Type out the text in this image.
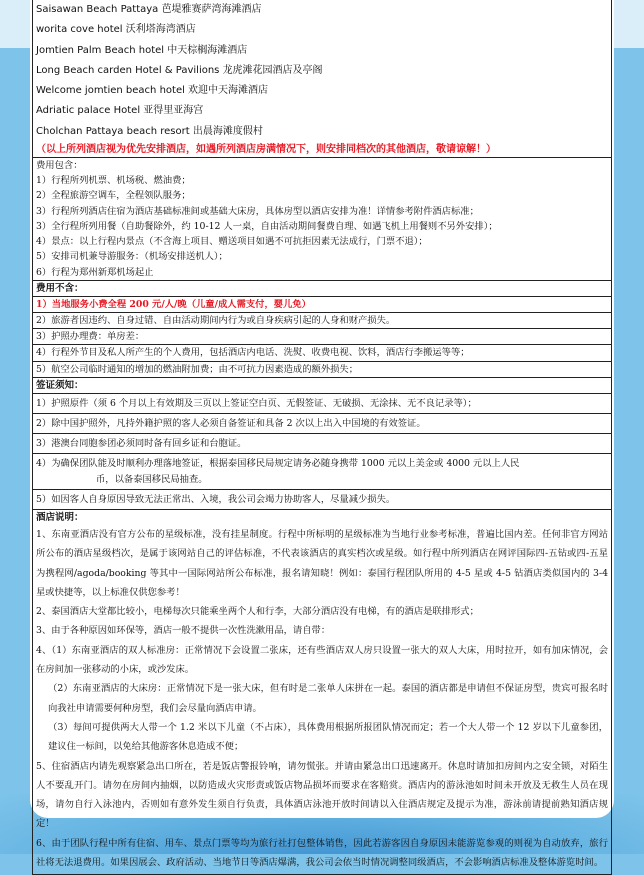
Saisawan Beach Pattaya 芭堤雅赛萨湾海滩酒店
worita cove hotel 沃利塔海湾酒店
Jomtien Palm Beach hotel 中天棕榈海滩酒店
Long Beach carden Hotel & Pavilions 龙虎滩花园酒店及亭阁
Welcome jomtien beach hotel 欢迎中天海滩酒店
Adriatic palace Hotel 亚得里亚海宫
Cholchan Pattaya beach resort 出晨海滩度假村
（以上所列酒店视为优先安排酒店，如遇所列酒店房满情况下，则安排同档次的其他酒店，敬请谅解！）

费用包含：
1）行程所列机票、机场税、燃油费；
2）全程旅游空调车，全程领队服务；
3）行程所列酒店住宿为酒店基础标准间或基础大床房，具体房型以酒店安排为准！详情参考附件酒店标准；
3）全行程所列用餐（自助餐除外，约 10-12 人一桌，自由活动期间餐费自理、如遇飞机上用餐则不另外安排）；
4）景点：以上行程内景点（不含海上项目、赠送项目如遇不可抗拒因素无法成行，门票不退）；
5）安排司机兼导游服务：（机场安排送机人）；
6）行程为郑州新郑机场起止

费用不含：
1）当地服务小费全程 200 元/人/晚（儿童/成人需支付，婴儿免）
2）旅游者因违约、自身过错、自由活动期间内行为或自身疾病引起的人身和财产损失。
3）护照办理费：单房差：
4）行程外节目及私人所产生的个人费用，包括酒店内电话、洗熨、收费电视、饮料，酒店行李搬运等等；
5）航空公司临时通知的增加的燃油附加费；由不可抗力因素造成的额外损失；

签证须知：
1）护照原件（须 6 个月以上有效期及三页以上签证空白页、无假签证、无破损、无涂抹、无不良记录等）；
2）除中国护照外，凡持外籍护照的客人必须自备签证和具备 2 次以上出入中国境的有效签证。
3）港澳台同胞参团必须同时备有回乡证和台胞证。
4）为确保团队能及时顺利办理落地签证，根据泰国移民局规定请务必随身携带 1000 元以上美金或 4000 元以上人民
币，以备泰国移民局抽查。
5）如因客人自身原因导致无法正常出、入境，我公司会竭力协助客人，尽量减少损失。

酒店说明：
1、东南亚酒店没有官方公布的星级标准，没有挂星制度。行程中所标明的星级标准为当地行业参考标准，普遍比国内差。任何非官方网站所公布的酒店星级档次，是属于该网站自己的评估标准，不代表该酒店的真实档次或星级。如行程中所列酒店在网评国际四-五钻或四-五星为携程网/agoda/booking 等其中一国际网站所公布标准，报名请知晓！例如：泰国行程团队所用的 4-5 星或 4-5 钻酒店类似国内的 3-4 星或快捷等，以上标准仅供您参考！
2、泰国酒店大堂都比较小，电梯每次只能乘坐两个人和行李，大部分酒店没有电梯，有的酒店是联排形式；
3、由于各种原因如环保等，酒店一般不提供一次性洗漱用品，请自带：
4、（1）东南亚酒店的双人标准房：正常情况下会设置二张床，还有些酒店双人房只设置一张大的双人大床，用时拉开，如有加床情况，会在房间加一张移动的小床，或沙发床。
（2）东南亚酒店的大床房：正常情况下是一张大床，但有时是二张单人床拼在一起。泰国的酒店都是申请但不保证房型，贵宾可报名时向我社申请需要何种房型，我们会尽量向酒店申请。
（3）每间可提供两大人带一个 1.2 米以下儿童（不占床），具体费用根据所报团队情况而定；若一个大人带一个 12 岁以下儿童参团，建议住一标间，以免给其他游客休息造成不便；
5、住宿酒店内请先观察紧急出口所在，若是饭店警报铃响，请勿慌张。并请由紧急出口迅速离开。休息时请加扣房间内之安全锁，对陌生人不要乱开门。请勿在房间内抽烟，以防造成火灾形责或饭店物品损坏而要求在客赔赏。酒店内的游泳池如时间未开放及无救生人员在现场，请勿自行入泳池内，否则如有意外发生须自行负责，具体酒店泳池开放时间请以入住酒店规定及提示为准，游泳前请提前熟知酒店规定！
6、由于团队行程中所有住宿、用车、景点门票等均为旅行社打包整体销售，因此若游客因自身原因未能游览参观的则视为自动放弃，旅行社将无法退费用。如果因展会、政府活动、当地节日等酒店爆满，我公司会依当时情况调整同级酒店，不会影响酒店标准及整体游览时间。
